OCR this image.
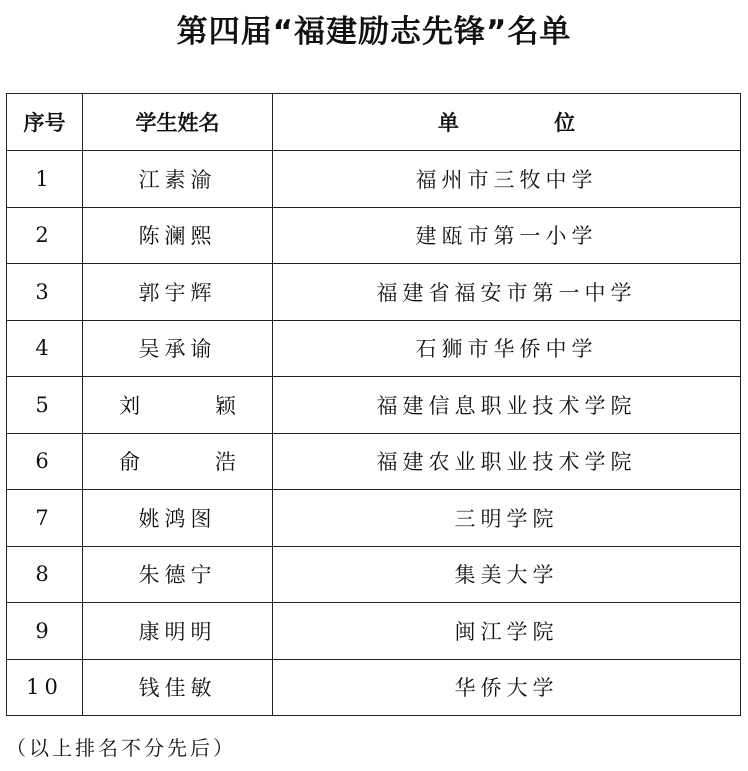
第四届“福建励志先锋”名单
序号	学生姓名	单 位
1	江素渝	福州市三牧中学
2	陈澜熙	建瓯市第一小学
3	郭宇辉	福建省福安市第一中学
4	吴承谕	石狮市华侨中学
5	刘 颖	福建信息职业技术学院
6	俞 浩	福建农业职业技术学院
7	姚鸿图	三明学院
8	朱德宁	集美大学
9	康明明	闽江学院
10	钱佳敏	华侨大学
（以上排名不分先后）
